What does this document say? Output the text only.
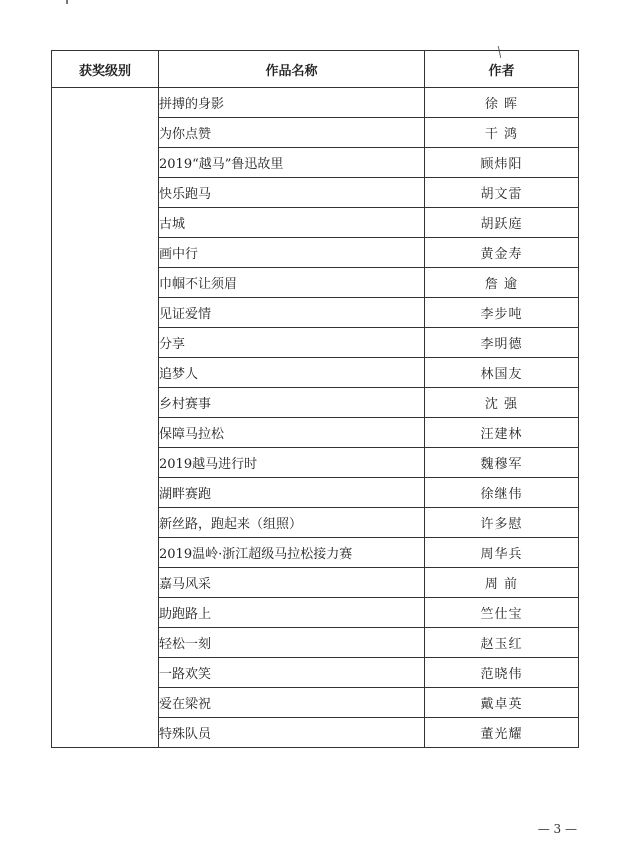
获奖级别	作品名称	作者
	拼搏的身影	徐 晖
	为你点赞	干 鸿
	2019“越马”鲁迅故里	顾炜阳
	快乐跑马	胡文雷
	古城	胡跃庭
	画中行	黄金寿
	巾帼不让须眉	詹 逾
	见证爱情	李步吨
	分享	李明德
	追梦人	林国友
	乡村赛事	沈 强
	保障马拉松	汪建林
	2019越马进行时	魏穆军
	湖畔赛跑	徐继伟
	新丝路，跑起来（组照）	许多慰
	2019温岭·浙江超级马拉松接力赛	周华兵
	嘉马风采	周 前
	助跑路上	竺仕宝
	轻松一刻	赵玉红
	一路欢笑	范晓伟
	爱在梁祝	戴卓英
	特殊队员	董光耀
— 3 —
